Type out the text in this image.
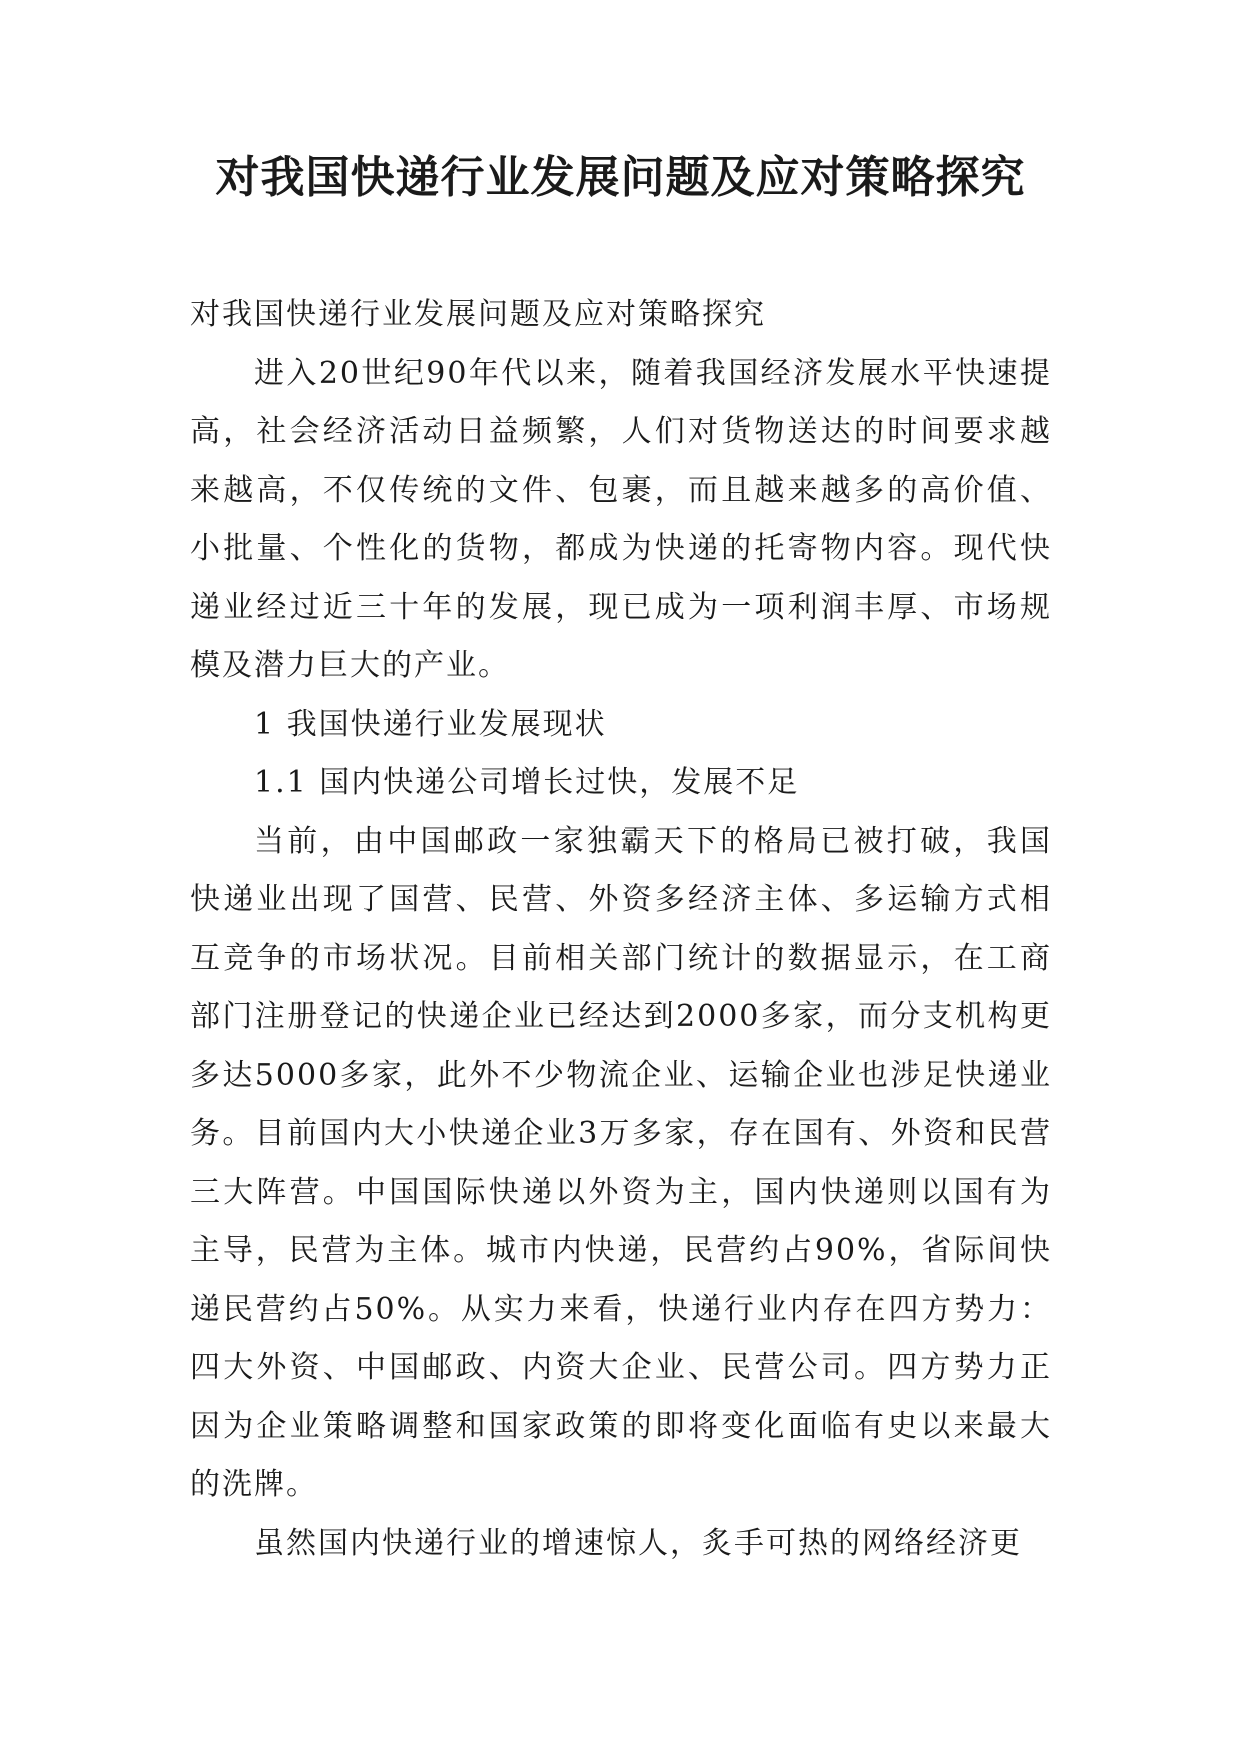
对我国快递行业发展问题及应对策略探究

对我国快递行业发展问题及应对策略探究

进入20世纪90年代以来，随着我国经济发展水平快速提高，社会经济活动日益频繁，人们对货物送达的时间要求越来越高，不仅传统的文件、包裹，而且越来越多的高价值、小批量、个性化的货物，都成为快递的托寄物内容。现代快递业经过近三十年的发展，现已成为一项利润丰厚、市场规模及潜力巨大的产业。

1 我国快递行业发展现状

1.1 国内快递公司增长过快，发展不足

当前，由中国邮政一家独霸天下的格局已被打破，我国快递业出现了国营、民营、外资多经济主体、多运输方式相互竞争的市场状况。目前相关部门统计的数据显示，在工商部门注册登记的快递企业已经达到2000多家，而分支机构更多达5000多家，此外不少物流企业、运输企业也涉足快递业务。目前国内大小快递企业3万多家，存在国有、外资和民营三大阵营。中国国际快递以外资为主，国内快递则以国有为主导，民营为主体。城市内快递，民营约占90%，省际间快递民营约占50%。从实力来看，快递行业内存在四方势力：四大外资、中国邮政、内资大企业、民营公司。四方势力正因为企业策略调整和国家政策的即将变化面临有史以来最大的洗牌。

虽然国内快递行业的增速惊人，炙手可热的网络经济更
